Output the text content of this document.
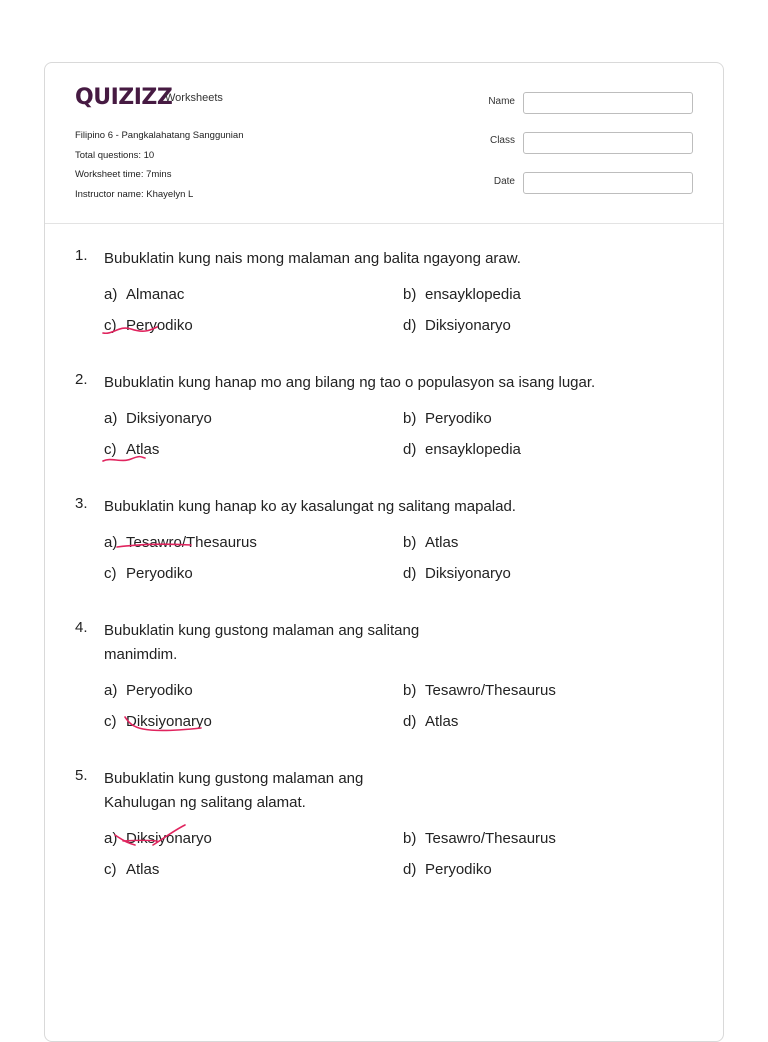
QUIZIZZ
Worksheets
Filipino 6 - Pangkalahatang Sanggunian
Total questions: 10
Worksheet time: 7mins
Instructor name: Khayelyn L
Name
Class
Date
1. Bubuklatin kung nais mong malaman ang balita ngayong araw.
a) Almanac	b) ensayklopedia
c) Peryodiko	d) Diksiyonaryo
2. Bubuklatin kung hanap mo ang bilang ng tao o populasyon sa isang lugar.
a) Diksiyonaryo	b) Peryodiko
c) Atlas	d) ensayklopedia
3. Bubuklatin kung hanap ko ay kasalungat ng salitang mapalad.
a) Tesawro/Thesaurus	b) Atlas
c) Peryodiko	d) Diksiyonaryo
4. Bubuklatin kung gustong malaman ang salitang manimdim.
a) Peryodiko	b) Tesawro/Thesaurus
c) Diksiyonaryo	d) Atlas
5. Bubuklatin kung gustong malaman ang Kahulugan ng salitang alamat.
a) Diksiyonaryo	b) Tesawro/Thesaurus
c) Atlas	d) Peryodiko
